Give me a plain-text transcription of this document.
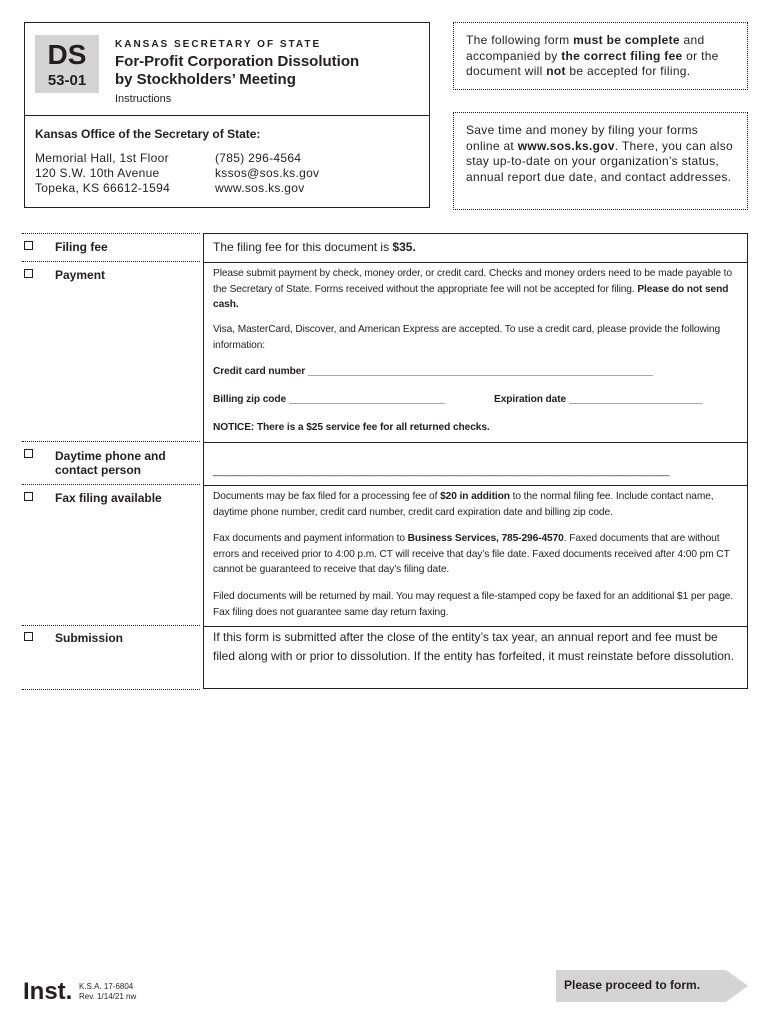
DS
53-01
KANSAS SECRETARY OF STATE
For-Profit Corporation Dissolution
by Stockholders’ Meeting
Instructions
Kansas Office of the Secretary of State:
Memorial Hall, 1st Floor
120 S.W. 10th Avenue
Topeka, KS 66612-1594
(785) 296-4564
kssos@sos.ks.gov
www.sos.ks.gov
The following form must be complete and accompanied by the correct filing fee or the document will not be accepted for filing.
Save time and money by filing your forms online at www.sos.ks.gov. There, you can also stay up-to-date on your organization’s status, annual report due date, and contact addresses.
Filing fee
Payment
Daytime phone and
contact person
Fax filing available
Submission
The filing fee for this document is $35.
Please submit payment by check, money order, or credit card. Checks and money orders need to be made payable to the Secretary of State. Forms received without the appropriate fee will not be accepted for filing. Please do not send cash.
Visa, MasterCard, Discover, and American Express are accepted. To use a credit card, please provide the following information:
Credit card number ______________________________________________________________
Billing zip code ____________________________	Expiration date ________________________
NOTICE: There is a $25 service fee for all returned checks.
__________________________________________________________________________________
Documents may be fax filed for a processing fee of $20 in addition to the normal filing fee. Include contact name, daytime phone number, credit card number, credit card expiration date and billing zip code.
Fax documents and payment information to Business Services, 785-296-4570. Faxed documents that are without errors and received prior to 4:00 p.m. CT will receive that day’s file date. Faxed documents received after 4:00 pm CT cannot be guaranteed to receive that day’s filing date.
Filed documents will be returned by mail. You may request a file-stamped copy be faxed for an additional $1 per page. Fax filing does not guarantee same day return faxing.
If this form is submitted after the close of the entity’s tax year, an annual report and fee must be filed along with or prior to dissolution. If the entity has forfeited, it must reinstate before dissolution.
Inst. K.S.A. 17-6804
Rev. 1/14/21 nw
Please proceed to form.
